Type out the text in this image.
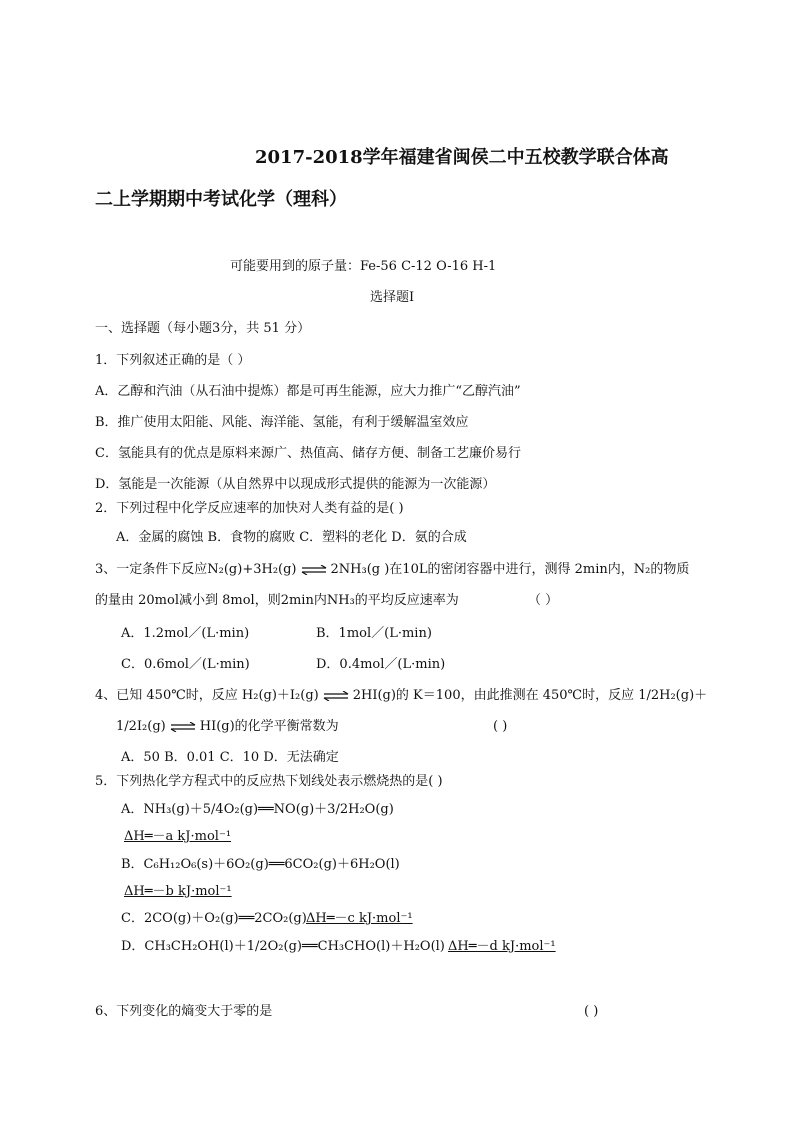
2017-2018学年福建省闽侯二中五校教学联合体高
二上学期期中考试化学（理科）
可能要用到的原子量：Fe-56 C-12 O-16 H-1
选择题Ⅰ
一、选择题（每小题3分，共 51 分）
1．下列叙述正确的是（ ）
A．乙醇和汽油（从石油中提炼）都是可再生能源，应大力推广“乙醇汽油”
B．推广使用太阳能、风能、海洋能、氢能，有利于缓解温室效应
C．氢能具有的优点是原料来源广、热值高、储存方便、制备工艺廉价易行
D．氢能是一次能源（从自然界中以现成形式提供的能源为一次能源）
2．下列过程中化学反应速率的加快对人类有益的是( )
A．金属的腐蚀 B．食物的腐败 C．塑料的老化 D．氨的合成
3、一定条件下反应N₂(g)+3H₂(g) ⇌ 2NH₃(g )在10L的密闭容器中进行，测得 2min内，N₂的物质
的量由 20mol减小到 8mol，则2min内NH₃的平均反应速率为	（ ）
A．1.2mol／(L·min)	B．1mol／(L·min)
C．0.6mol／(L·min)	D．0.4mol／(L·min)
4、已知 450℃时，反应 H₂(g)＋I₂(g) ⇌ 2HI(g)的 K＝100，由此推测在 450℃时，反应 1/2H₂(g)＋
1/2I₂(g) ⇌ HI(g)的化学平衡常数为	( )
A．50 B．0.01 C．10 D．无法确定
5．下列热化学方程式中的反应热下划线处表示燃烧热的是( )
A．NH₃(g)＋5/4O₂(g)══NO(g)＋3/2H₂O(g)
ΔH═－a kJ·mol⁻¹
B．C₆H₁₂O₆(s)＋6O₂(g)══6CO₂(g)＋6H₂O(l)
ΔH═－b kJ·mol⁻¹
C．2CO(g)＋O₂(g)══2CO₂(g) ΔH═－c kJ·mol⁻¹
D．CH₃CH₂OH(l)＋1/2O₂(g)══CH₃CHO(l)＋H₂O(l) ΔH═－d kJ·mol⁻¹
6、下列变化的熵变大于零的是	( )
